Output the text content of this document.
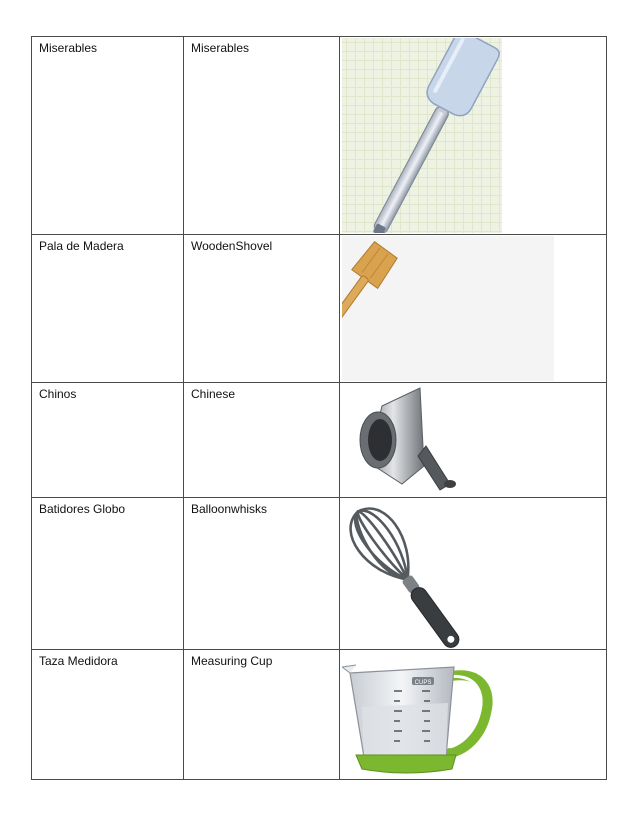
Miserables	Miserables

Pala de Madera	WoodenShovel

Chinos	Chinese

Batidores Globo	Balloonwhisks

Taza Medidora	Measuring Cup	CUPS
